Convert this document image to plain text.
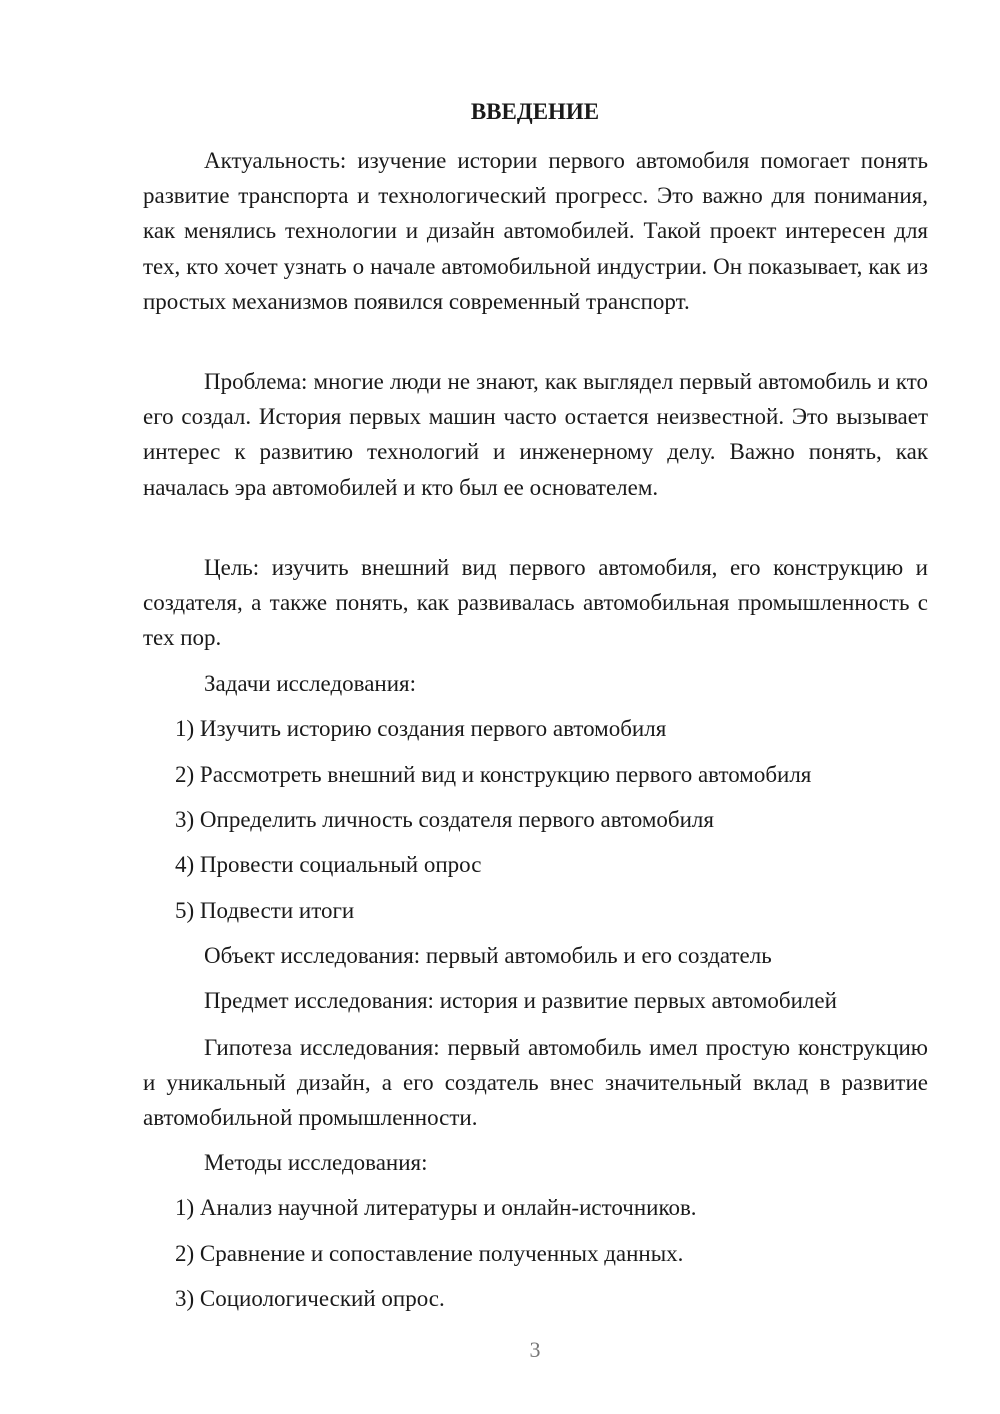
ВВЕДЕНИЕ

Актуальность: изучение истории первого автомобиля помогает понять развитие транспорта и технологический прогресс. Это важно для понимания, как менялись технологии и дизайн автомобилей. Такой проект интересен для тех, кто хочет узнать о начале автомобильной индустрии. Он показывает, как из простых механизмов появился современный транспорт.

Проблема: многие люди не знают, как выглядел первый автомобиль и кто его создал. История первых машин часто остается неизвестной. Это вызывает интерес к развитию технологий и инженерному делу. Важно понять, как началась эра автомобилей и кто был ее основателем.

Цель: изучить внешний вид первого автомобиля, его конструкцию и создателя, а также понять, как развивалась автомобильная промышленность с тех пор.

Задачи исследования:
1) Изучить историю создания первого автомобиля
2) Рассмотреть внешний вид и конструкцию первого автомобиля
3) Определить личность создателя первого автомобиля
4) Провести социальный опрос
5) Подвести итоги
Объект исследования: первый автомобиль и его создатель
Предмет исследования: история и развитие первых автомобилей

Гипотеза исследования: первый автомобиль имел простую конструкцию и уникальный дизайн, а его создатель внес значительный вклад в развитие автомобильной промышленности.

Методы исследования:
1) Анализ научной литературы и онлайн-источников.
2) Сравнение и сопоставление полученных данных.
3) Социологический опрос.
3
